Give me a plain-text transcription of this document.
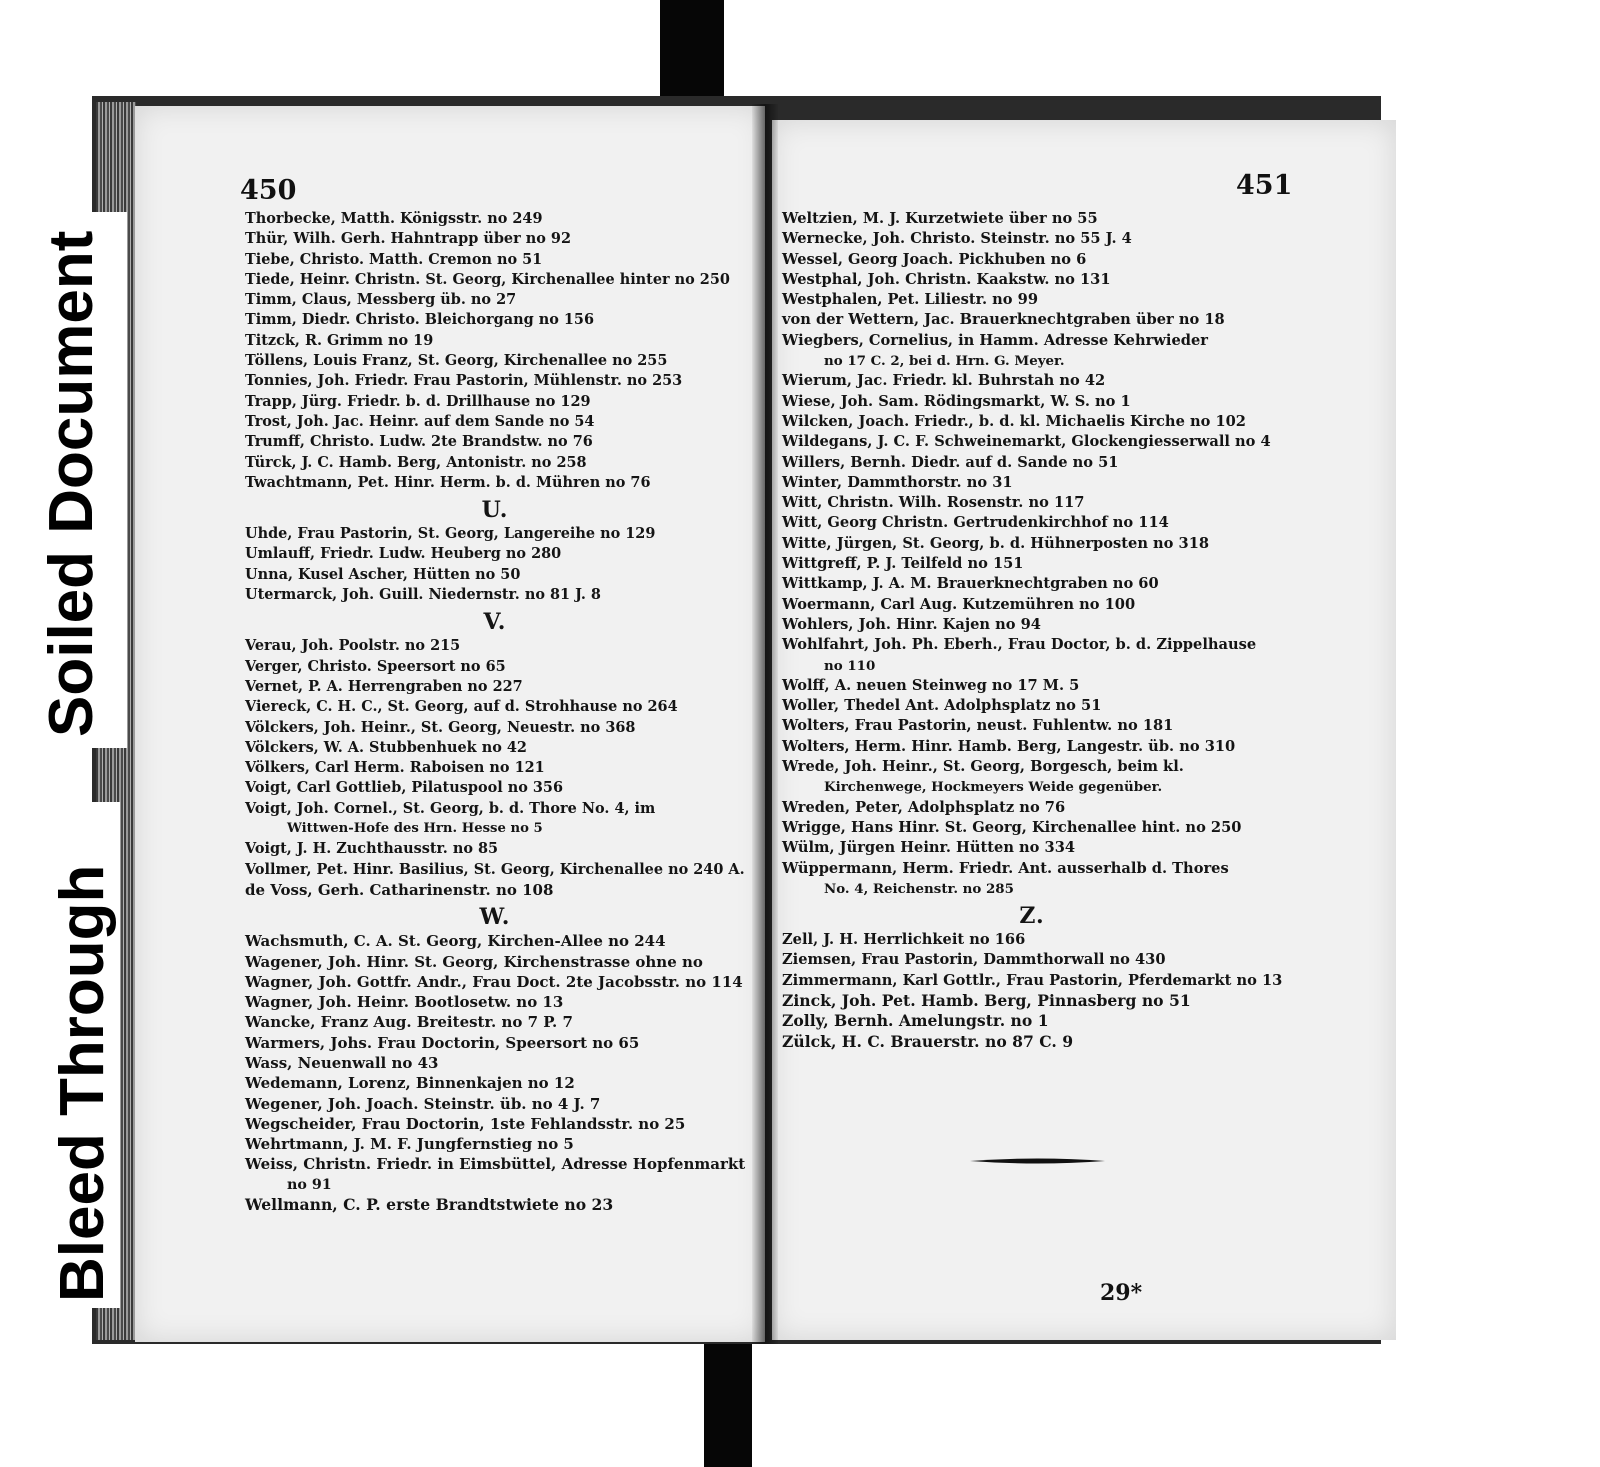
450	451
Thorbecke, Matth. Königsstr. no 249
Thür, Wilh. Gerh. Hahntrapp über no 92
Tiebe, Christo. Matth. Cremon no 51
Tiede, Heinr. Christn. St. Georg, Kirchenallee hinter no 250
Timm, Claus, Messberg üb. no 27
Timm, Diedr. Christo. Bleichorgang no 156
Titzck, R. Grimm no 19
Töllens, Louis Franz, St. Georg, Kirchenallee no 255
Tonnies, Joh. Friedr. Frau Pastorin, Mühlenstr. no 253
Trapp, Jürg. Friedr. b. d. Drillhause no 129
Trost, Joh. Jac. Heinr. auf dem Sande no 54
Trumff, Christo. Ludw. 2te Brandstw. no 76
Türck, J. C. Hamb. Berg, Antonistr. no 258
Twachtmann, Pet. Hinr. Herm. b. d. Mühren no 76
U.
Uhde, Frau Pastorin, St. Georg, Langereihe no 129
Umlauff, Friedr. Ludw. Heuberg no 280
Unna, Kusel Ascher, Hütten no 50
Utermarck, Joh. Guill. Niedernstr. no 81 J. 8
V.
Verau, Joh. Poolstr. no 215
Verger, Christo. Speersort no 65
Vernet, P. A. Herrengraben no 227
Viereck, C. H. C., St. Georg, auf d. Strohhause no 264
Völckers, Joh. Heinr., St. Georg, Neuestr. no 368
Völckers, W. A. Stubbenhuek no 42
Völkers, Carl Herm. Raboisen no 121
Voigt, Carl Gottlieb, Pilatuspool no 356
Voigt, Joh. Cornel., St. Georg, b. d. Thore No. 4, im
Wittwen-Hofe des Hrn. Hesse no 5
Voigt, J. H. Zuchthausstr. no 85
Vollmer, Pet. Hinr. Basilius, St. Georg, Kirchenallee no 240 A.
de Voss, Gerh. Catharinenstr. no 108
W.
Wachsmuth, C. A. St. Georg, Kirchen-Allee no 244
Wagener, Joh. Hinr. St. Georg, Kirchenstrasse ohne no
Wagner, Joh. Gottfr. Andr., Frau Doct. 2te Jacobsstr. no 114
Wagner, Joh. Heinr. Bootlosetw. no 13
Wancke, Franz Aug. Breitestr. no 7 P. 7
Warmers, Johs. Frau Doctorin, Speersort no 65
Wass, Neuenwall no 43
Wedemann, Lorenz, Binnenkajen no 12
Wegener, Joh. Joach. Steinstr. üb. no 4 J. 7
Wegscheider, Frau Doctorin, 1ste Fehlandsstr. no 25
Wehrtmann, J. M. F. Jungfernstieg no 5
Weiss, Christn. Friedr. in Eimsbüttel, Adresse Hopfenmarkt
no 91
Wellmann, C. P. erste Brandtstwiete no 23
Weltzien, M. J. Kurzetwiete über no 55
Wernecke, Joh. Christo. Steinstr. no 55 J. 4
Wessel, Georg Joach. Pickhuben no 6
Westphal, Joh. Christn. Kaakstw. no 131
Westphalen, Pet. Liliestr. no 99
von der Wettern, Jac. Brauerknechtgraben über no 18
Wiegbers, Cornelius, in Hamm. Adresse Kehrwieder
no 17 C. 2, bei d. Hrn. G. Meyer.
Wierum, Jac. Friedr. kl. Buhrstah no 42
Wiese, Joh. Sam. Rödingsmarkt, W. S. no 1
Wilcken, Joach. Friedr., b. d. kl. Michaelis Kirche no 102
Wildegans, J. C. F. Schweinemarkt, Glockengiesserwall no 4
Willers, Bernh. Diedr. auf d. Sande no 51
Winter, Dammthorstr. no 31
Witt, Christn. Wilh. Rosenstr. no 117
Witt, Georg Christn. Gertrudenkirchhof no 114
Witte, Jürgen, St. Georg, b. d. Hühnerposten no 318
Wittgreff, P. J. Teilfeld no 151
Wittkamp, J. A. M. Brauerknechtgraben no 60
Woermann, Carl Aug. Kutzemühren no 100
Wohlers, Joh. Hinr. Kajen no 94
Wohlfahrt, Joh. Ph. Eberh., Frau Doctor, b. d. Zippelhause
no 110
Wolff, A. neuen Steinweg no 17 M. 5
Woller, Thedel Ant. Adolphsplatz no 51
Wolters, Frau Pastorin, neust. Fuhlentw. no 181
Wolters, Herm. Hinr. Hamb. Berg, Langestr. üb. no 310
Wrede, Joh. Heinr., St. Georg, Borgesch, beim kl.
Kirchenwege, Hockmeyers Weide gegenüber.
Wreden, Peter, Adolphsplatz no 76
Wrigge, Hans Hinr. St. Georg, Kirchenallee hint. no 250
Wülm, Jürgen Heinr. Hütten no 334
Wüppermann, Herm. Friedr. Ant. ausserhalb d. Thores
No. 4, Reichenstr. no 285
Z.
Zell, J. H. Herrlichkeit no 166
Ziemsen, Frau Pastorin, Dammthorwall no 430
Zimmermann, Karl Gottlr., Frau Pastorin, Pferdemarkt no 13
Zinck, Joh. Pet. Hamb. Berg, Pinnasberg no 51
Zolly, Bernh. Amelungstr. no 1
Zülck, H. C. Brauerstr. no 87 C. 9
29*
Soiled Document
Bleed Through
